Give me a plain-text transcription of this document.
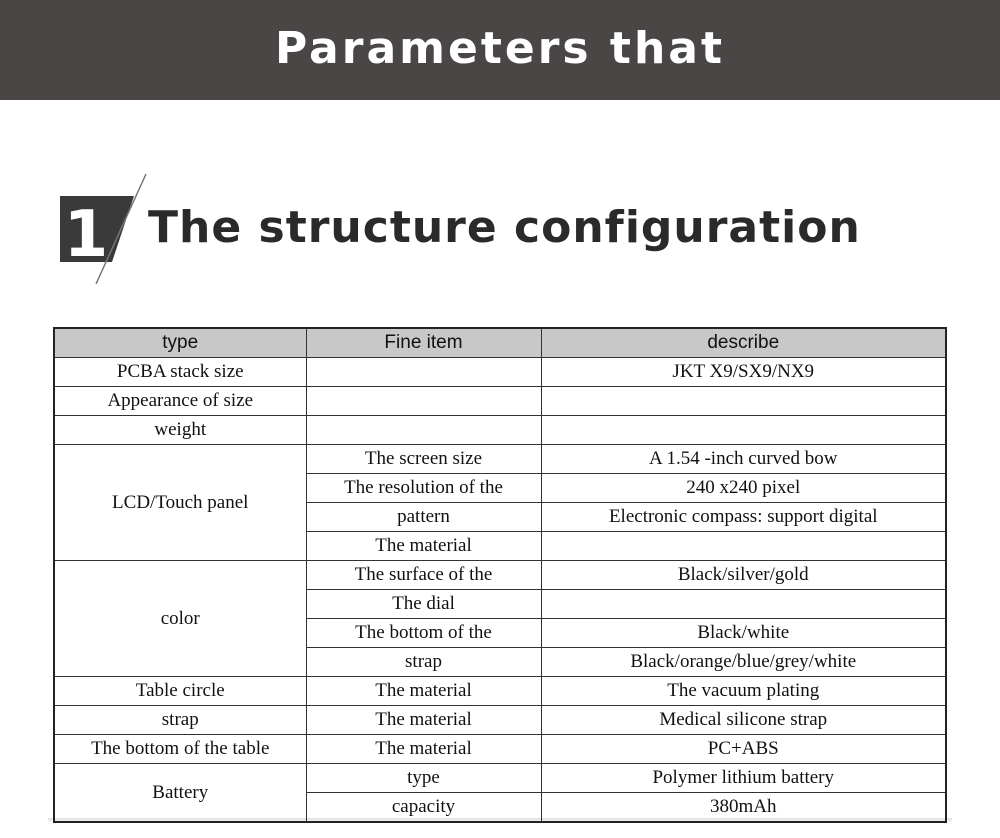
Parameters that
1 The structure configuration
type	Fine item	describe
PCBA stack size		JKT X9/SX9/NX9
Appearance of size		
weight		
LCD/Touch panel	The screen size	A 1.54 -inch curved bow
	The resolution of the	240 x240 pixel
	pattern	Electronic compass: support digital
	The material	
color	The surface of the	Black/silver/gold
	The dial	
	The bottom of the	Black/white
	strap	Black/orange/blue/grey/white
Table circle	The material	The vacuum plating
strap	The material	Medical silicone strap
The bottom of the table	The material	PC+ABS
Battery	type	Polymer lithium battery
	capacity	380mAh
